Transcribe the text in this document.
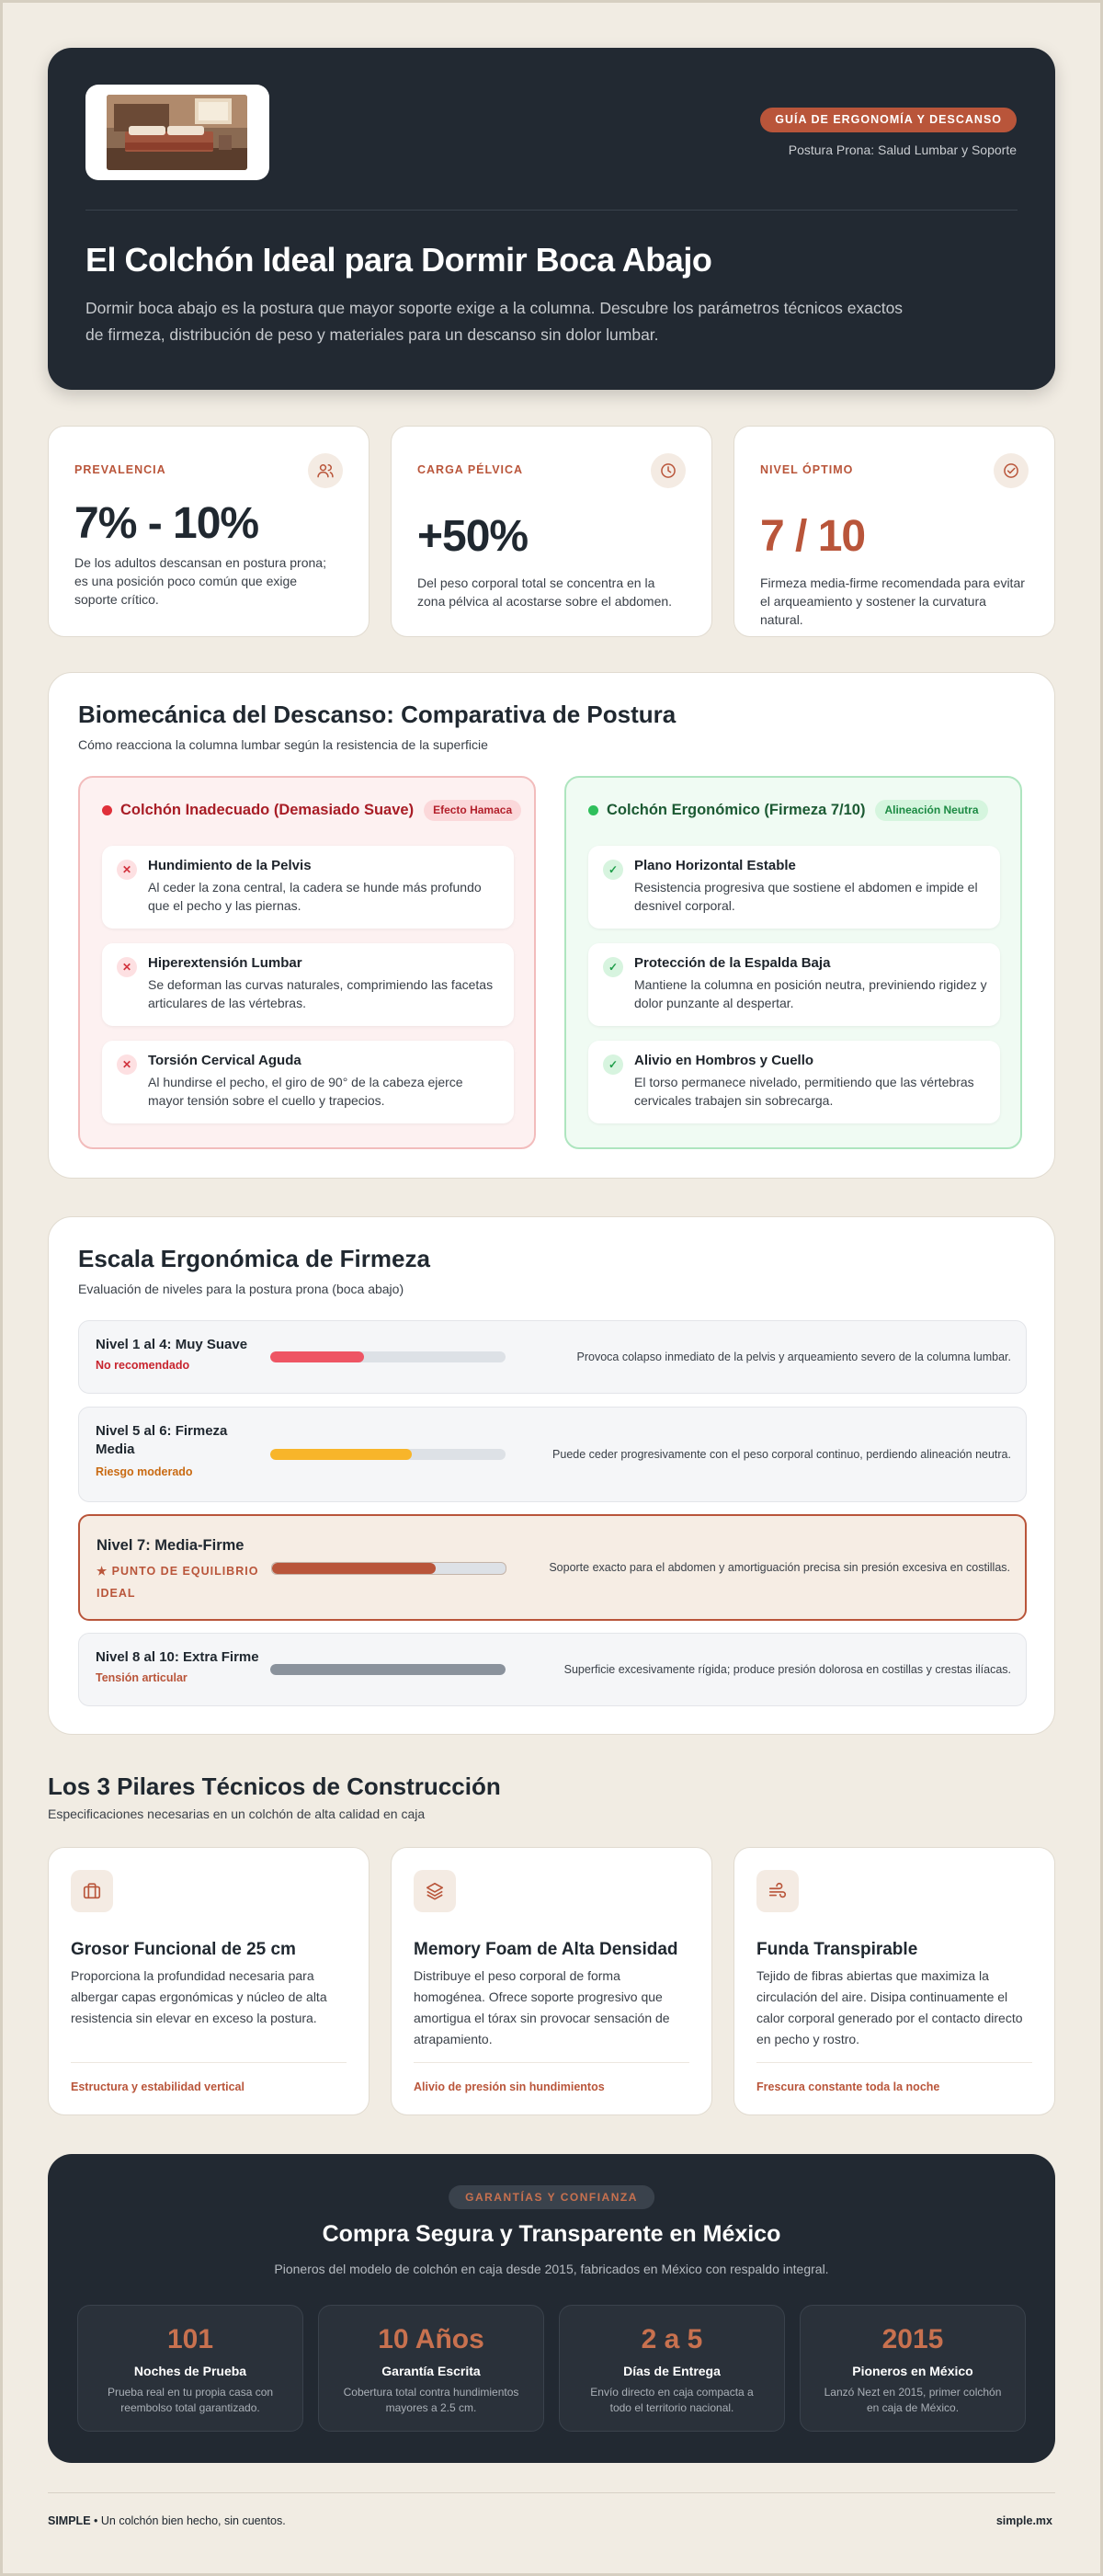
GUÍA DE ERGONOMÍA Y DESCANSO
Postura Prona: Salud Lumbar y Soporte
El Colchón Ideal para Dormir Boca Abajo

Dormir boca abajo es la postura que mayor soporte exige a la columna. Descubre los parámetros técnicos exactos de firmeza, distribución de peso y materiales para un descanso sin dolor lumbar.

PREVALENCIA
7% - 10%
De los adultos descansan en postura prona; es una posición poco común que exige soporte crítico.
CARGA PÉLVICA
+50%
Del peso corporal total se concentra en la zona pélvica al acostarse sobre el abdomen.
NIVEL ÓPTIMO
7 / 10
Firmeza media-firme recomendada para evitar el arqueamiento y sostener la curvatura natural.
Biomecánica del Descanso: Comparativa de Postura

Cómo reacciona la columna lumbar según la resistencia de la superficie

Colchón Inadecuado (Demasiado Suave)	Efecto Hamaca
✕	Hundimiento de la Pelvis
Al ceder la zona central, la cadera se hunde más profundo que el pecho y las piernas.
✕	Hiperextensión Lumbar
Se deforman las curvas naturales, comprimiendo las facetas articulares de las vértebras.
✕	Torsión Cervical Aguda
Al hundirse el pecho, el giro de 90° de la cabeza ejerce mayor tensión sobre el cuello y trapecios.
Colchón Ergonómico (Firmeza 7/10)	Alineación Neutra
✓	Plano Horizontal Estable
Resistencia progresiva que sostiene el abdomen e impide el desnivel corporal.
✓	Protección de la Espalda Baja
Mantiene la columna en posición neutra, previniendo rigidez y dolor punzante al despertar.
✓	Alivio en Hombros y Cuello
El torso permanece nivelado, permitiendo que las vértebras cervicales trabajen sin sobrecarga.
Escala Ergonómica de Firmeza

Evaluación de niveles para la postura prona (boca abajo)

Nivel 1 al 4: Muy Suave
No recomendado
Provoca colapso inmediato de la pelvis y arqueamiento severo de la columna lumbar.
Nivel 5 al 6: Firmeza Media
Riesgo moderado
Puede ceder progresivamente con el peso corporal continuo, perdiendo alineación neutra.
Nivel 7: Media-Firme
★ PUNTO DE EQUILIBRIO IDEAL
Soporte exacto para el abdomen y amortiguación precisa sin presión excesiva en costillas.
Nivel 8 al 10: Extra Firme
Tensión articular
Superficie excesivamente rígida; produce presión dolorosa en costillas y crestas ilíacas.
Los 3 Pilares Técnicos de Construcción

Especificaciones necesarias en un colchón de alta calidad en caja

Grosor Funcional de 25 cm
Proporciona la profundidad necesaria para albergar capas ergonómicas y núcleo de alta resistencia sin elevar en exceso la postura.
Estructura y estabilidad vertical
Memory Foam de Alta Densidad
Distribuye el peso corporal de forma homogénea. Ofrece soporte progresivo que amortigua el tórax sin provocar sensación de atrapamiento.
Alivio de presión sin hundimientos
Funda Transpirable
Tejido de fibras abiertas que maximiza la circulación del aire. Disipa continuamente el calor corporal generado por el contacto directo en pecho y rostro.
Frescura constante toda la noche
GARANTÍAS Y CONFIANZA
Compra Segura y Transparente en México

Pioneros del modelo de colchón en caja desde 2015, fabricados en México con respaldo integral.

101
Noches de Prueba
Prueba real en tu propia casa con reembolso total garantizado.
10 Años
Garantía Escrita
Cobertura total contra hundimientos mayores a 2.5 cm.
2 a 5
Días de Entrega
Envío directo en caja compacta a todo el territorio nacional.
2015
Pioneros en México
Lanzó Nezt en 2015, primer colchón en caja de México.
SIMPLE • Un colchón bien hecho, sin cuentos.	simple.mx
